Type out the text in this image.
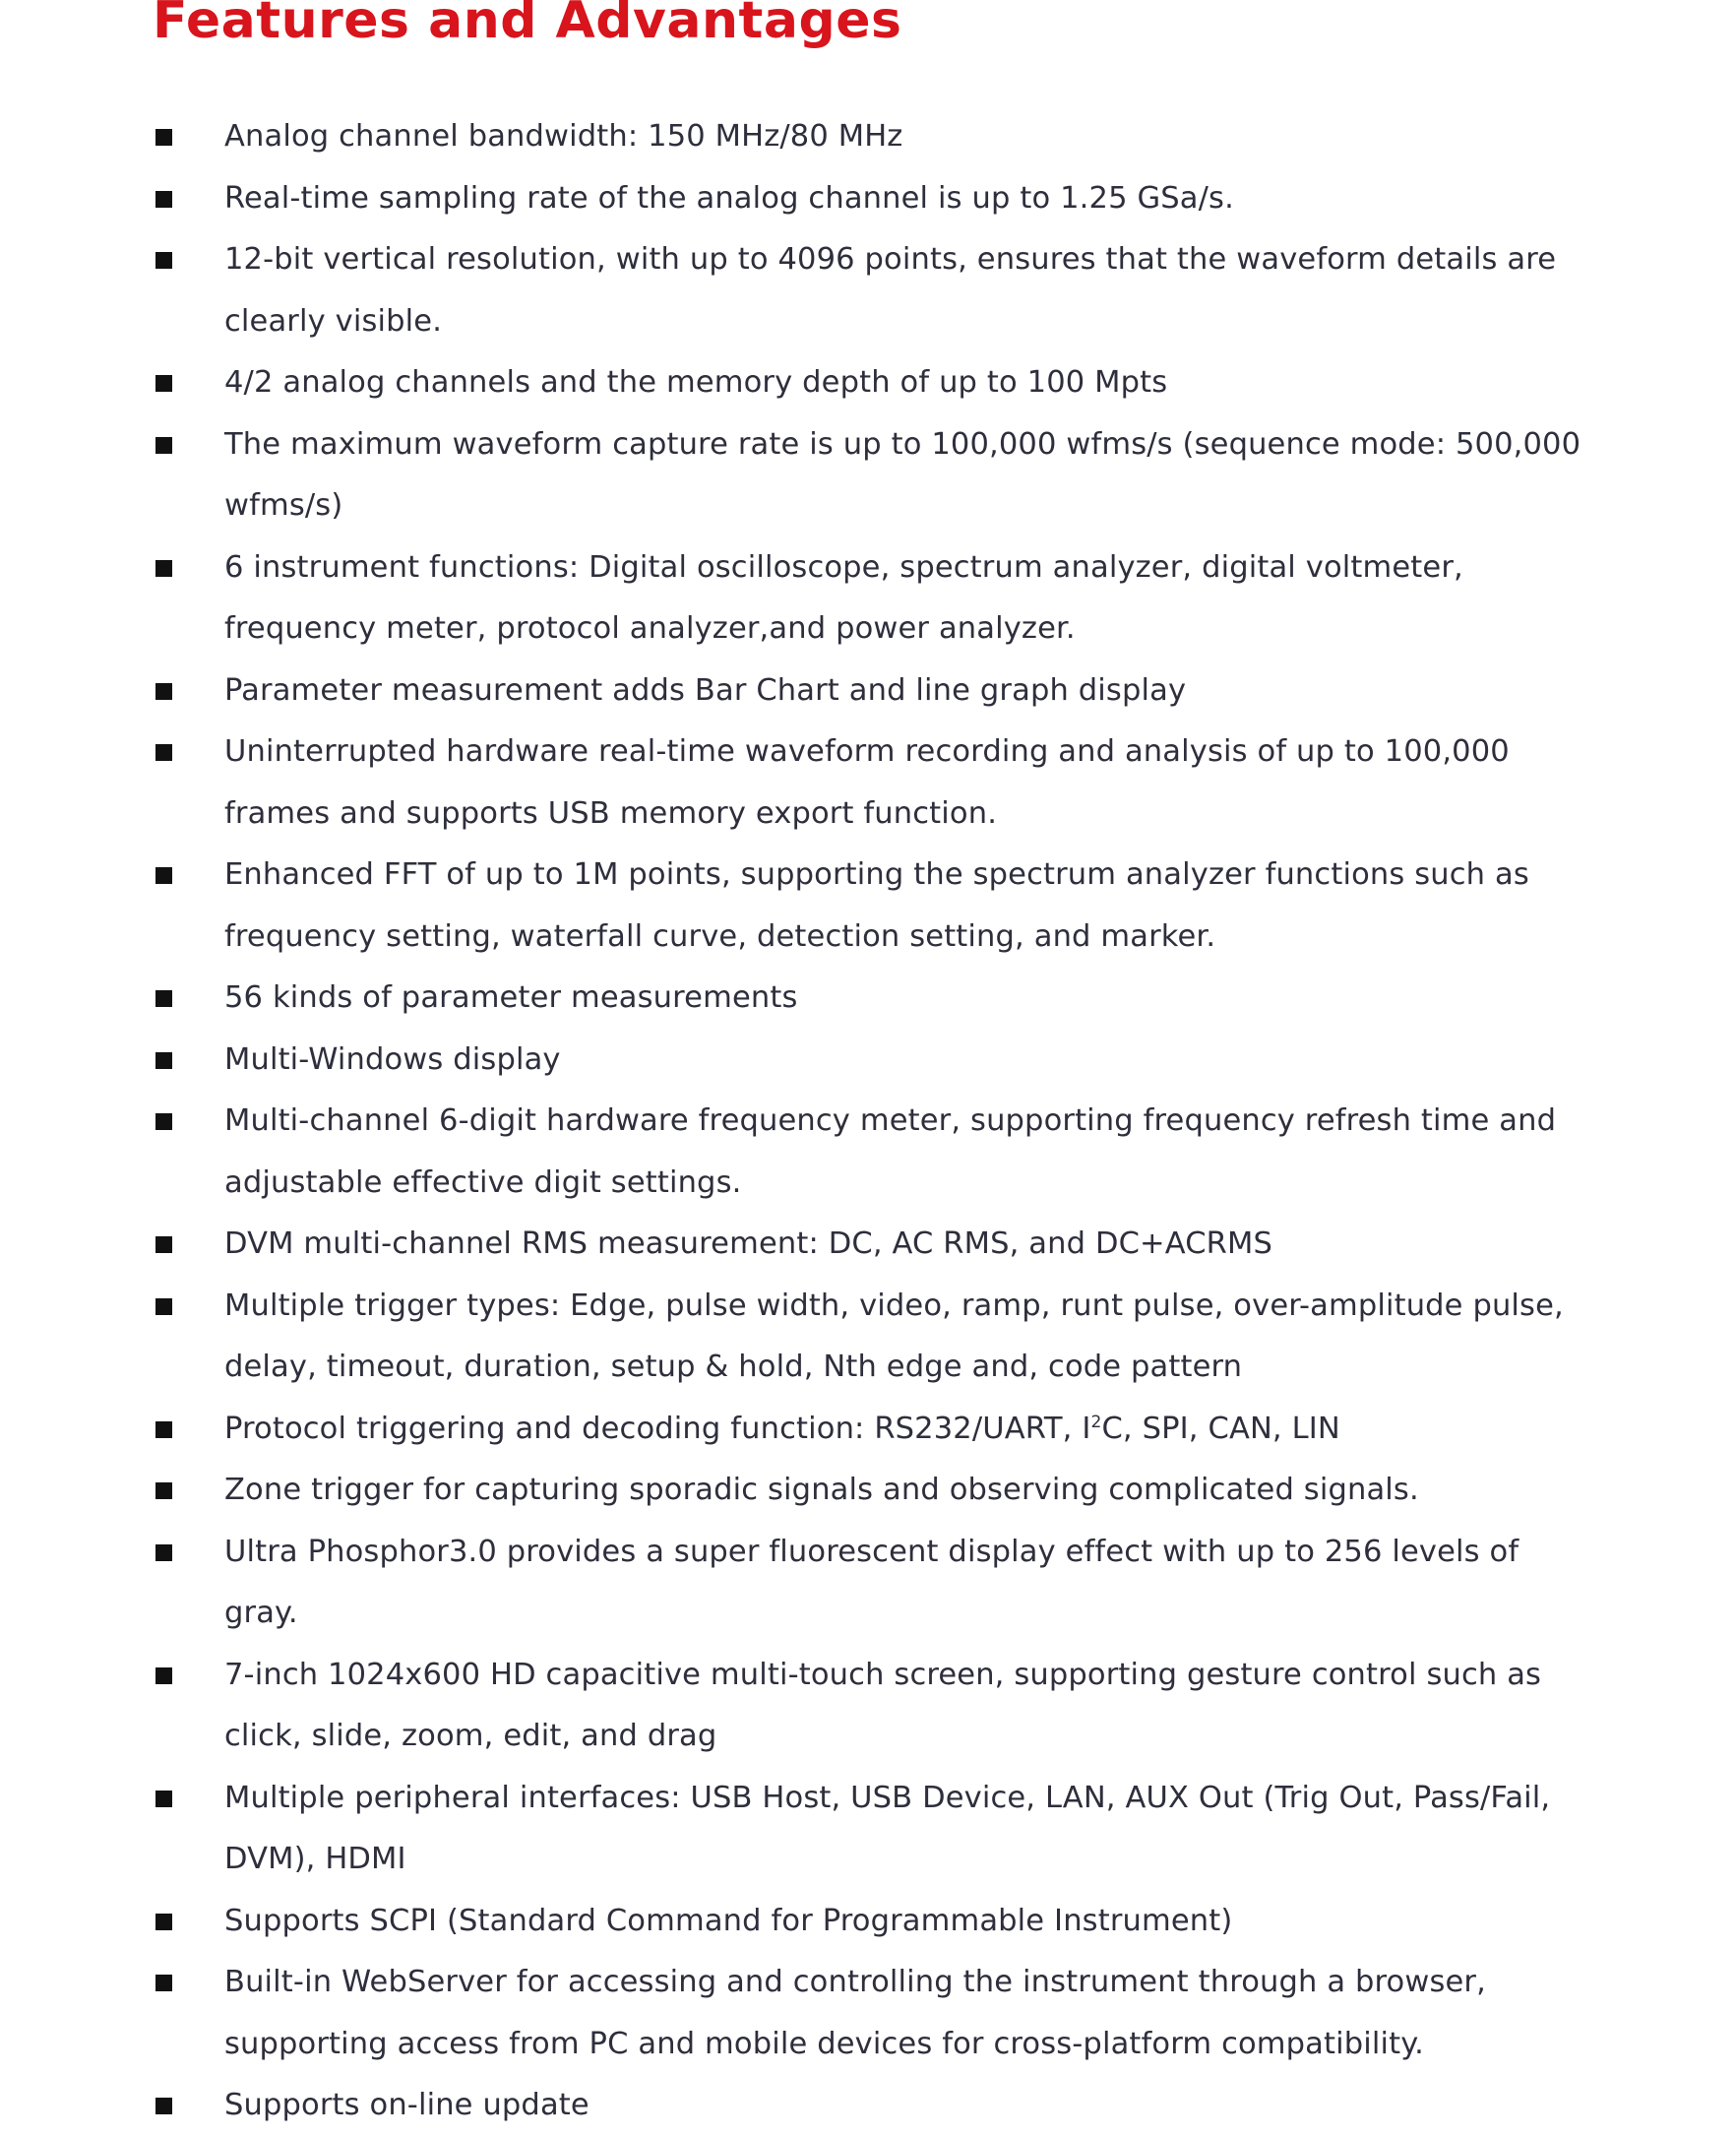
Features and Advantages
Analog channel bandwidth: 150 MHz/80 MHz
Real-time sampling rate of the analog channel is up to 1.25 GSa/s.
12-bit vertical resolution, with up to 4096 points, ensures that the waveform details are clearly visible.
4/2 analog channels and the memory depth of up to 100 Mpts
The maximum waveform capture rate is up to 100,000 wfms/s (sequence mode: 500,000 wfms/s)
6 instrument functions: Digital oscilloscope, spectrum analyzer, digital voltmeter, frequency meter, protocol analyzer,and power analyzer.
Parameter measurement adds Bar Chart and line graph display
Uninterrupted hardware real-time waveform recording and analysis of up to 100,000 frames and supports USB memory export function.
Enhanced FFT of up to 1M points, supporting the spectrum analyzer functions such as frequency setting, waterfall curve, detection setting, and marker.
56 kinds of parameter measurements
Multi-Windows display
Multi-channel 6-digit hardware frequency meter, supporting frequency refresh time and adjustable effective digit settings.
DVM multi-channel RMS measurement: DC, AC RMS, and DC+ACRMS
Multiple trigger types: Edge, pulse width, video, ramp, runt pulse, over-amplitude pulse, delay, timeout, duration, setup & hold, Nth edge and, code pattern
Protocol triggering and decoding function: RS232/UART, $I^2C$, SPI, CAN, LIN
Zone trigger for capturing sporadic signals and observing complicated signals.
Ultra Phosphor3.0 provides a super fluorescent display effect with up to 256 levels of gray.
7-inch 1024x600 HD capacitive multi-touch screen, supporting gesture control such as click, slide, zoom, edit, and drag
Multiple peripheral interfaces: USB Host, USB Device, LAN, AUX Out (Trig Out, Pass/Fail, DVM), HDMI
Supports SCPI (Standard Command for Programmable Instrument)
Built-in WebServer for accessing and controlling the instrument through a browser, supporting access from PC and mobile devices for cross-platform compatibility.
Supports on-line update
